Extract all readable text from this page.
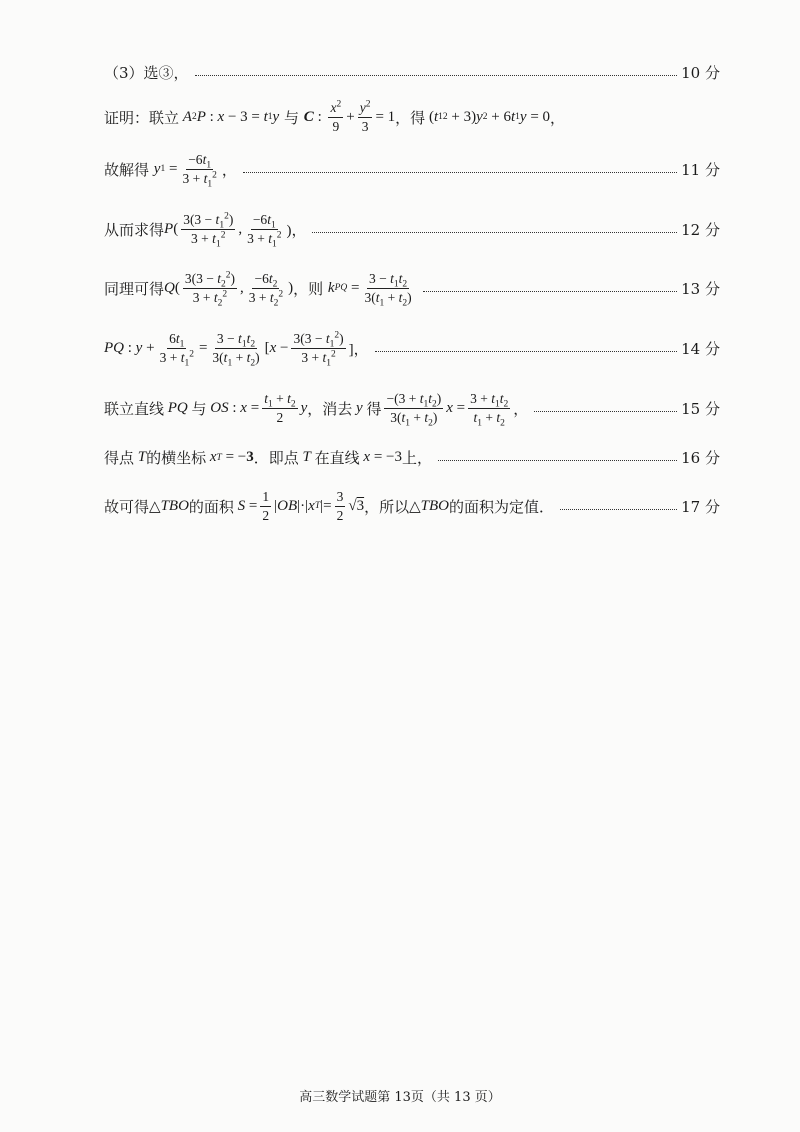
（3）选③，	10 分
证明：联立 A 2 P : x − 3 = t 1 y
与
C : $\frac{x^2}{9} + \frac{y^2}{3} = 1$ ，得 ( t 1 2 + 3) y 2 + 6 t 1 y = 0 ，
故解得
y $1 = \frac{-6t_1}{3 + t_1^2}$ ，	11 分
从而求得 P ( $\frac{3(3 - t_1^2)}{3 + t_1^2}$ , $\frac{-6t_1}{3 + t_1^2}$ )，	12 分
同理可得 Q ( $\frac{3(3 - t_2^2)}{3 + t_2^2}$ , $\frac{-6t_2}{3 + t_2^2}$ ) ，则
k PQ = $\frac{3 - t_1t_2}{3(t_1 + t_2)}$	13 分
PQ : $y + \frac{6t_1}{3 + t_1^2} = \frac{3 - t_1t_2}{3(t_1 + t_2)}$ [ $x - \frac{3(3 - t_1^2)}{3 + t_1^2}$ ]，	14 分
联立直线 PQ 与 OS : $x = \frac{t_1 + t_2}{2}$ y ，消去 y 得 $\frac{-(3 + t_1t_2)}{3(t_1 + t_2)}$ $x = \frac{3 + t_1t_2}{t_1 + t_2}$ ，	15 分
得点 T 的横坐标 x T = − 3 ．即点 T 在直线 x = −3 上，	16 分
故可得 △ TBO 的面积 $S = \frac{1}{2}$ | OB |·| x T |= $\frac{3}{2} √3$ ，所以 △ TBO 的面积为定值．	17 分
高三数学试题第 13页（共 13 页）
